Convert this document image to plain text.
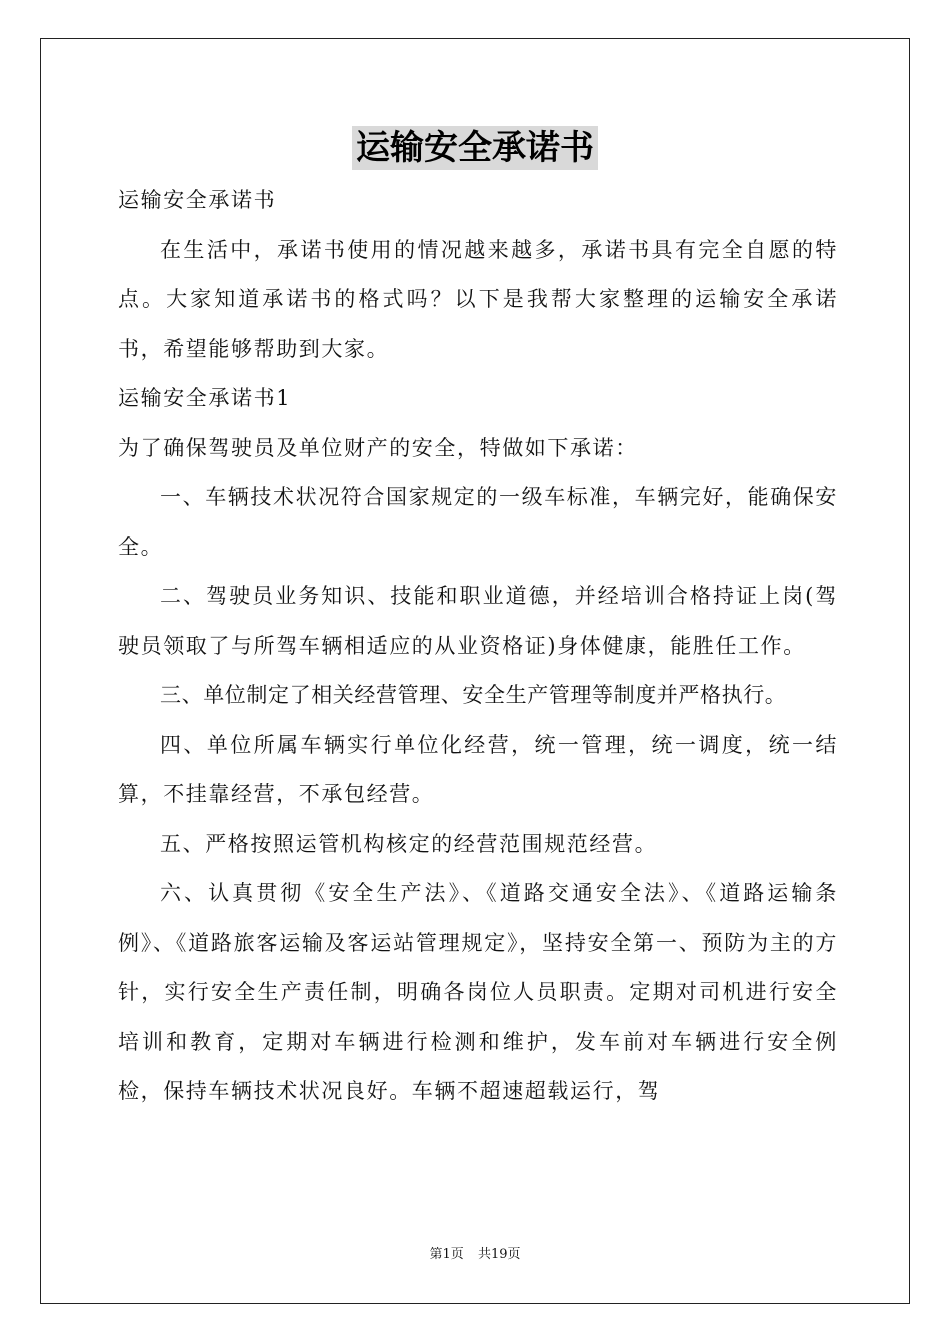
运输安全承诺书

运输安全承诺书

在生活中，承诺书使用的情况越来越多，承诺书具有完全自愿的特点。大家知道承诺书的格式吗？以下是我帮大家整理的运输安全承诺书，希望能够帮助到大家。

运输安全承诺书1

为了确保驾驶员及单位财产的安全，特做如下承诺：

一、车辆技术状况符合国家规定的一级车标准，车辆完好，能确保安全。

二、驾驶员业务知识、技能和职业道德，并经培训合格持证上岗(驾驶员领取了与所驾车辆相适应的从业资格证)身体健康，能胜任工作。

三、单位制定了相关经营管理、安全生产管理等制度并严格执行。

四、单位所属车辆实行单位化经营，统一管理，统一调度，统一结算，不挂靠经营，不承包经营。

五、严格按照运管机构核定的经营范围规范经营。

六、认真贯彻《安全生产法》、《道路交通安全法》、《道路运输条例》、《道路旅客运输及客运站管理规定》，坚持安全第一、预防为主的方针，实行安全生产责任制，明确各岗位人员职责。定期对司机进行安全培训和教育，定期对车辆进行检测和维护，发车前对车辆进行安全例检，保持车辆技术状况良好。车辆不超速超载运行，驾

第1页 共19页
